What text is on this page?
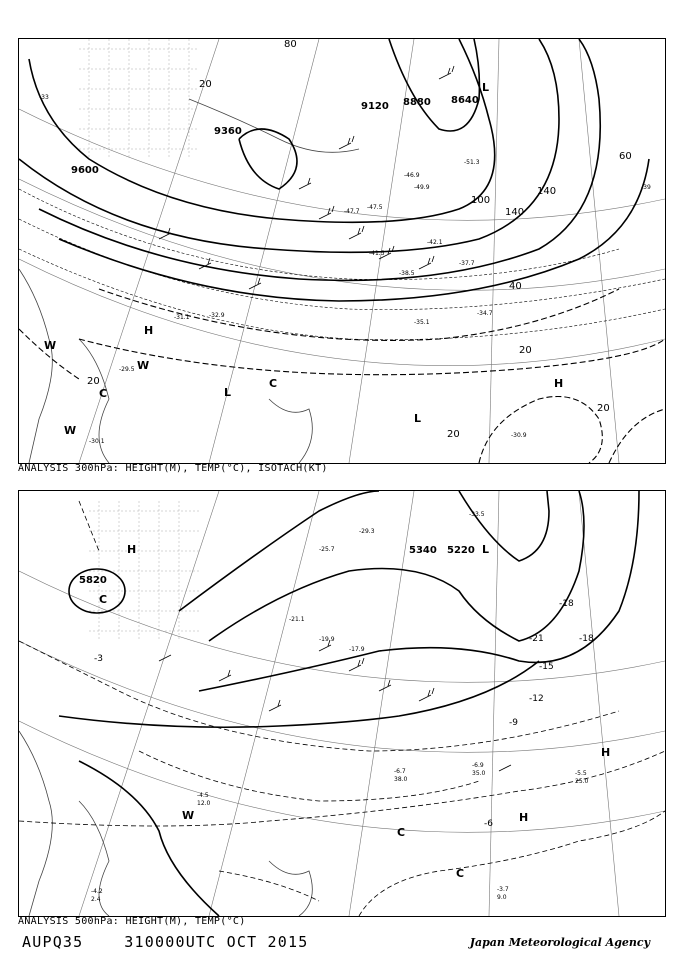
9600
9360
9120 8880 8640
20
40
60
80
100
140
140
20
20
20
20
H
H
L
L
L
C
C
W
W
W
-33
-35.1
-34.7
-37.7
-38.5
-41.5
-42.1
-47.5
-46.9
-49.9
-51.3
-39
-30.1
-29.5
-31.1	-32.9
-30.9
-47.7
ANALYSIS 300hPa: HEIGHT(M), TEMP(°C), ISOTACH(KT)
5820
5340 5220
-3
-18
-21	-18
-15
-12
-9
-6
H
H
H
L
C
C
C
W
-6.9
35.0	-5.5
25.0
-3.7
9.0
-4.2
2.4
-4.5
12.0
-6.7
38.0
-17.9
-19.9
-21.1
-25.7
-29.3
-33.5
ANALYSIS 500hPa: HEIGHT(M), TEMP(°C)
AUPQ35    310000UTC OCT 2015	Japan Meteorological Agency
